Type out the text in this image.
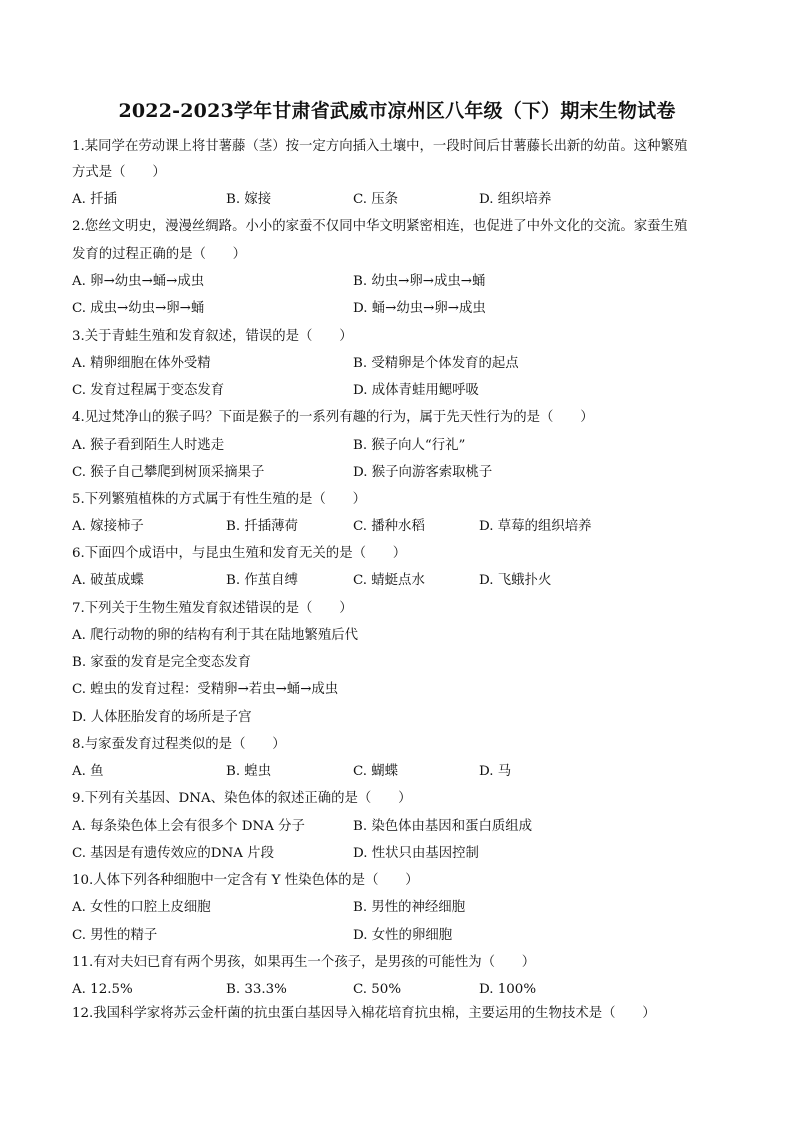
2022-2023学年甘肃省武威市凉州区八年级（下）期末生物试卷
1.某同学在劳动课上将甘薯藤（茎）按一定方向插入土壤中，一段时间后甘薯藤长出新的幼苗。这种繁殖
方式是（　　）
A. 扦插	B. 嫁接	C. 压条	D. 组织培养
2.您丝文明史，漫漫丝绸路。小小的家蚕不仅同中华文明紧密相连，也促进了中外文化的交流。家蚕生殖
发育的过程正确的是（　　）
A. 卵→幼虫→蛹→成虫	B. 幼虫→卵→成虫→蛹
C. 成虫→幼虫→卵→蛹	D. 蛹→幼虫→卵→成虫
3.关于青蛙生殖和发育叙述，错误的是（　　）
A. 精卵细胞在体外受精	B. 受精卵是个体发育的起点
C. 发育过程属于变态发育	D. 成体青蛙用鳃呼吸
4.见过梵净山的猴子吗？下面是猴子的一系列有趣的行为，属于先天性行为的是（　　）
A. 猴子看到陌生人时逃走	B. 猴子向人“行礼”
C. 猴子自己攀爬到树顶采摘果子	D. 猴子向游客索取桃子
5.下列繁殖植株的方式属于有性生殖的是（　　）
A. 嫁接柿子	B. 扦插薄荷	C. 播种水稻	D. 草莓的组织培养
6.下面四个成语中，与昆虫生殖和发育无关的是（　　）
A. 破茧成蝶	B. 作茧自缚	C. 蜻蜓点水	D. 飞蛾扑火
7.下列关于生物生殖发育叙述错误的是（　　）
A. 爬行动物的卵的结构有利于其在陆地繁殖后代
B. 家蚕的发育是完全变态发育
C. 蝗虫的发育过程：受精卵→若虫→蛹→成虫
D. 人体胚胎发育的场所是子宫
8.与家蚕发育过程类似的是（　　）
A. 鱼	B. 蝗虫	C. 蝴蝶	D. 马
9.下列有关基因、DNA、染色体的叙述正确的是（　　）
A. 每条染色体上会有很多个 DNA 分子	B. 染色体由基因和蛋白质组成
C. 基因是有遗传效应的DNA 片段	D. 性状只由基因控制
10.人体下列各种细胞中一定含有 Y 性染色体的是（　　）
A. 女性的口腔上皮细胞	B. 男性的神经细胞
C. 男性的精子	D. 女性的卵细胞
11.有对夫妇已育有两个男孩，如果再生一个孩子，是男孩的可能性为（　　）
A. 12.5%	B. 33.3%	C. 50%	D. 100%
12.我国科学家将苏云金杆菌的抗虫蛋白基因导入棉花培育抗虫棉，主要运用的生物技术是（　　）
